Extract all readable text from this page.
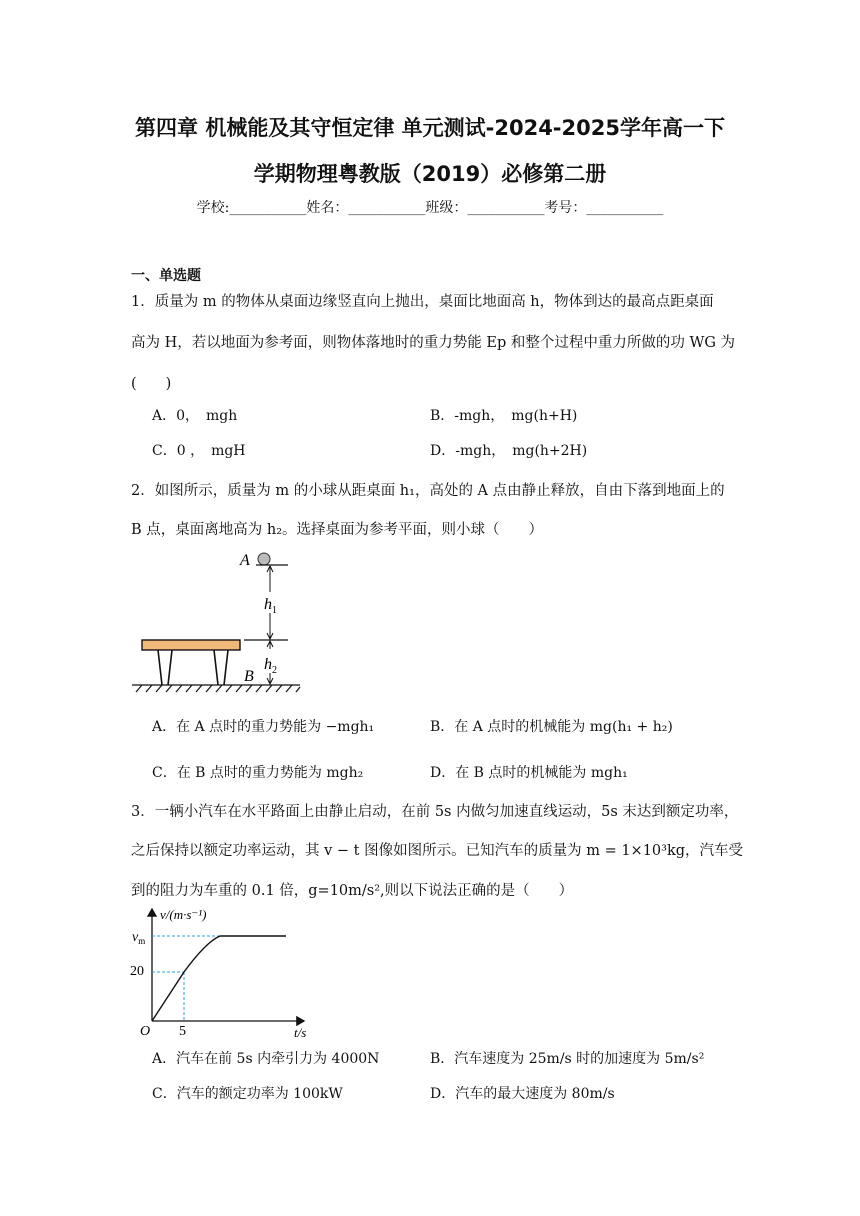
第四章 机械能及其守恒定律 单元测试-2024-2025学年高一下
学期物理粤教版（2019）必修第二册
学校:___________姓名：___________班级：___________考号：___________
一、单选题
1．质量为 m 的物体从桌面边缘竖直向上抛出，桌面比地面高 h，物体到达的最高点距桌面
高为 H，若以地面为参考面，则物体落地时的重力势能 Ep 和整个过程中重力所做的功 WG 为
(　　)
A．0，　mgh	B．-mgh，　mg(h+H)
C．0 ，　mgH	D．-mgh，　mg(h+2H)
2．如图所示，质量为 m 的小球从距桌面 h₁，高处的 A 点由静止释放，自由下落到地面上的
B 点，桌面离地高为 h₂。选择桌面为参考平面，则小球（　　）
A
B
$h_1$
$h_2$
A．在 A 点时的重力势能为 −mgh₁	B．在 A 点时的机械能为 mg(h₁ + h₂)
C．在 B 点时的重力势能为 mgh₂	D．在 B 点时的机械能为 mgh₁
3．一辆小汽车在水平路面上由静止启动，在前 5s 内做匀加速直线运动，5s 末达到额定功率，
之后保持以额定功率运动，其 v − t 图像如图所示。已知汽车的质量为 m = 1×10³kg，汽车受
到的阻力为车重的 0.1 倍，g=10m/s²,则以下说法正确的是（　　）
v/(m·s⁻¹)
t/s
O 5
20
$v_m$
A．汽车在前 5s 内牵引力为 4000N	B．汽车速度为 25m/s 时的加速度为 5m/s²
C．汽车的额定功率为 100kW	D．汽车的最大速度为 80m/s
